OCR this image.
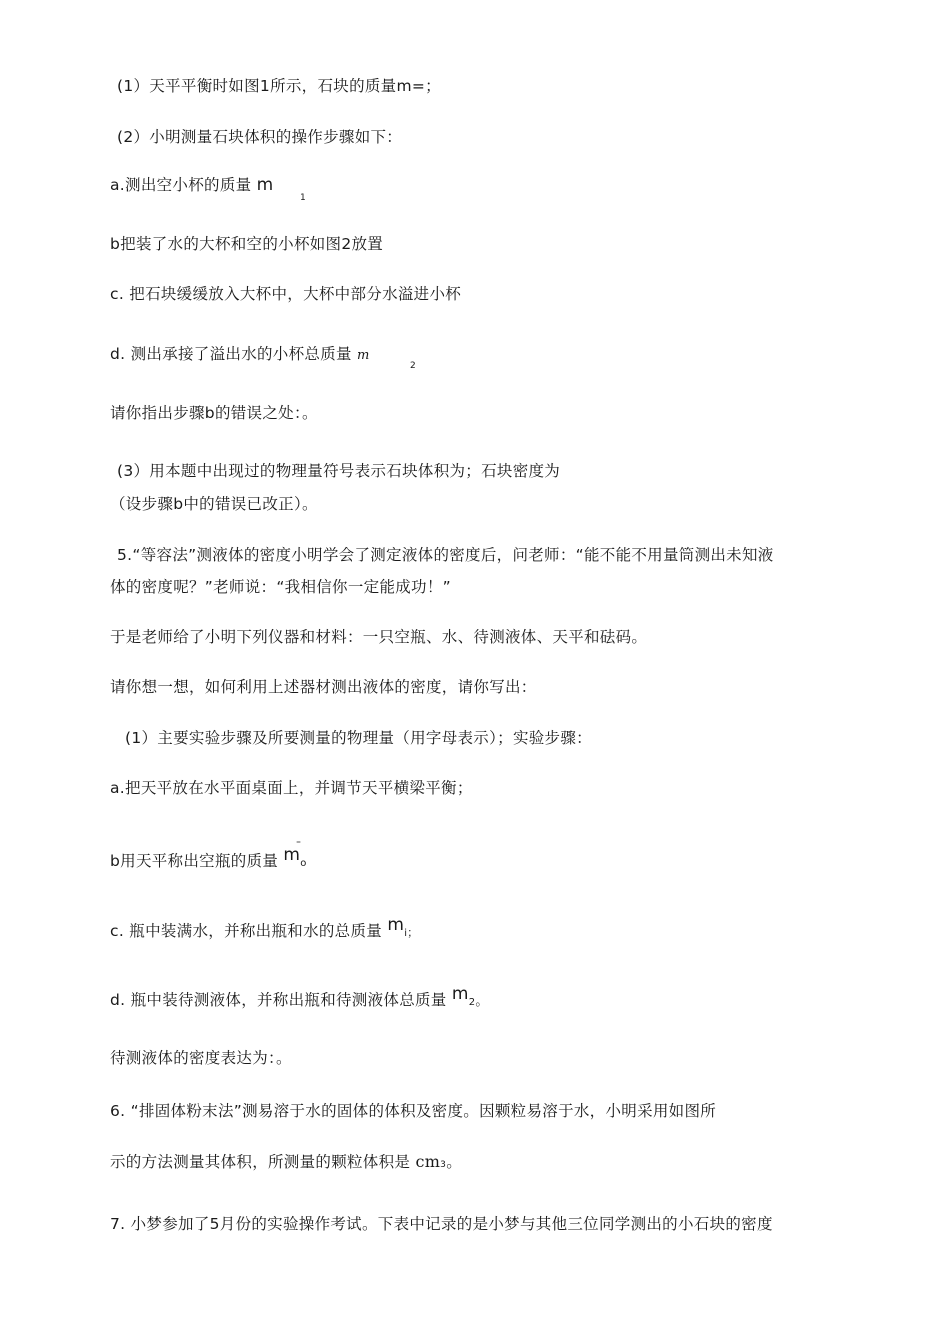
(1）天平平衡时如图1所示，石块的质量m=；
(2）小明测量石块体积的操作步骤如下：
a.测出空小杯的质量 m
1
b把装了水的大杯和空的小杯如图2放置
c. 把石块缓缓放入大杯中，大杯中部分水溢进小杯
d. 测出承接了溢出水的小杯总质量 m
2
请你指出步骤b的错误之处：。
(3）用本题中出现过的物理量符号表示石块体积为；石块密度为
（设步骤b中的错误已改正）。
5.“等容法”测液体的密度小明学会了测定液体的密度后，问老师：“能不能不用量筒测出未知液
体的密度呢？”老师说：“我相信你一定能成功！”
于是老师给了小明下列仪器和材料：一只空瓶、水、待测液体、天平和砝码。
请你想一想，如何利用上述器材测出液体的密度，请你写出：
(1）主要实验步骤及所要测量的物理量（用字母表示）；实验步骤：
a.把天平放在水平面桌面上，并调节天平横梁平衡；
=
b用天平称出空瓶的质量 mo
c. 瓶中装满水，并称出瓶和水的总质量 mi；
d. 瓶中装待测液体，并称出瓶和待测液体总质量 m2。
待测液体的密度表达为：。
6. “排固体粉末法”测易溶于水的固体的体积及密度。因颗粒易溶于水，小明采用如图所
示的方法测量其体积，所测量的颗粒体积是 cm3。
7. 小梦参加了5月份的实验操作考试。下表中记录的是小梦与其他三位同学测出的小石块的密度
